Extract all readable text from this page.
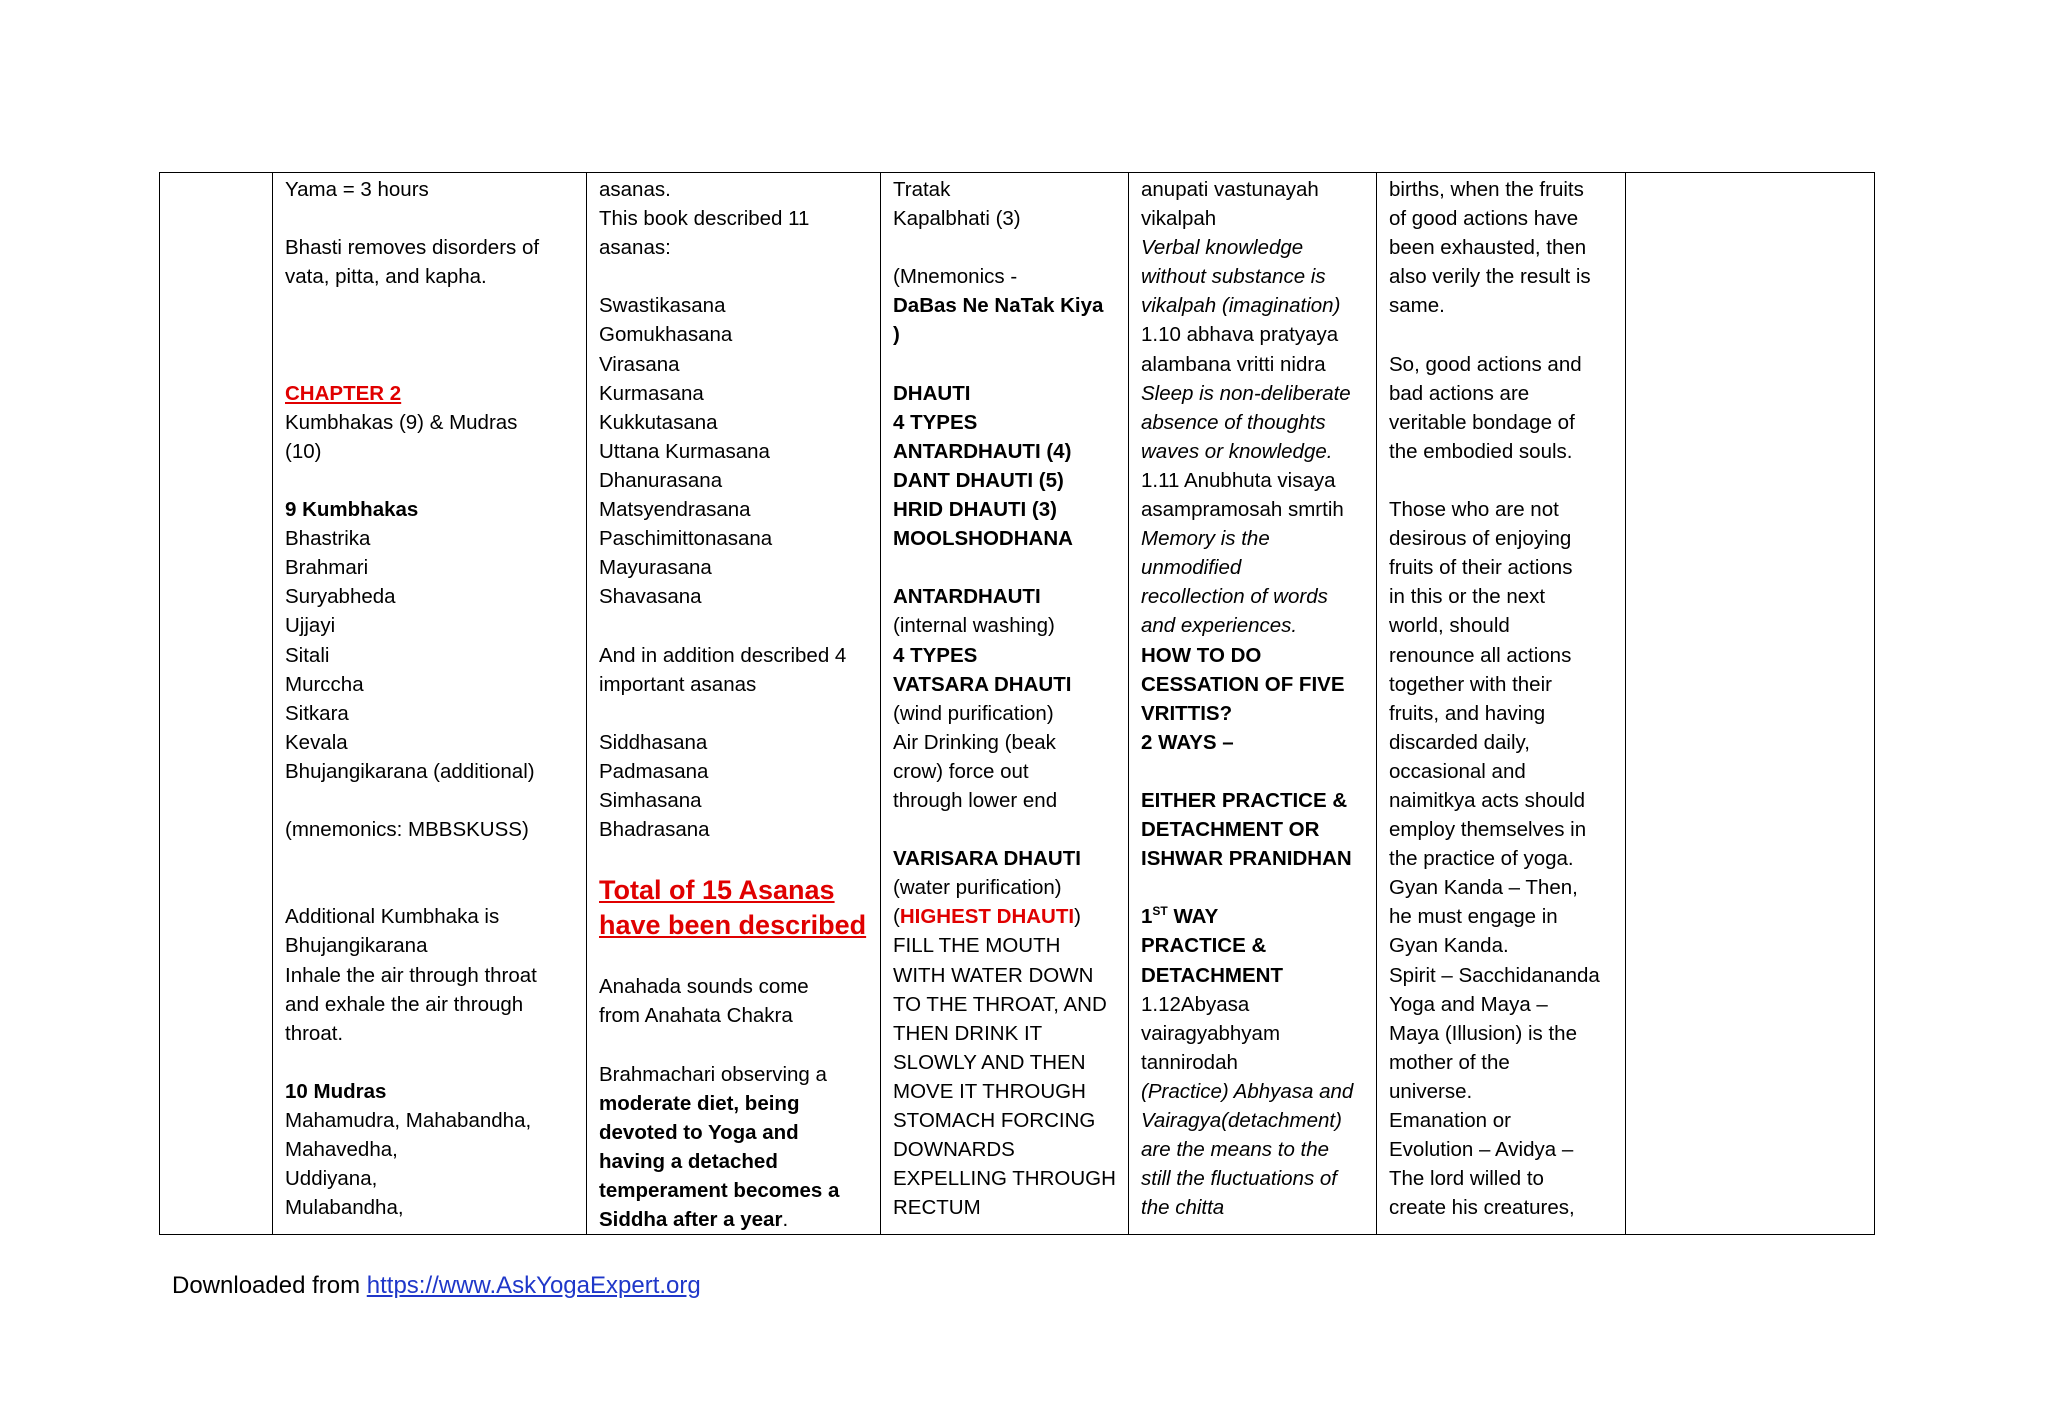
Yama = 3 hours
Bhasti removes disorders of
vata, pitta, and kapha.
CHAPTER 2
Kumbhakas (9) & Mudras
(10)
9 Kumbhakas
Bhastrika
Brahmari
Suryabheda
Ujjayi
Sitali
Murccha
Sitkara
Kevala
Bhujangikarana (additional)
(mnemonics: MBBSKUSS)
Additional Kumbhaka is
Bhujangikarana
Inhale the air through throat
and exhale the air through
throat.
10 Mudras
Mahamudra, Mahabandha,
Mahavedha,
Uddiyana,
Mulabandha,

asanas.
This book described 11
asanas:
Swastikasana
Gomukhasana
Virasana
Kurmasana
Kukkutasana
Uttana Kurmasana
Dhanurasana
Matsyendrasana
Paschimittonasana
Mayurasana
Shavasana
And in addition described 4
important asanas
Siddhasana
Padmasana
Simhasana
Bhadrasana
Total of 15 Asanas
have been described
Anahada sounds come
from Anahata Chakra
Brahmachari observing a
moderate diet, being
devoted to Yoga and
having a detached
temperament becomes a
Siddha after a year.

Tratak
Kapalbhati (3)
(Mnemonics -
DaBas Ne NaTak Kiya
)
DHAUTI
4 TYPES
ANTARDHAUTI (4)
DANT DHAUTI (5)
HRID DHAUTI (3)
MOOLSHODHANA
ANTARDHAUTI
(internal washing)
4 TYPES
VATSARA DHAUTI
(wind purification)
Air Drinking (beak
crow) force out
through lower end
VARISARA DHAUTI
(water purification)
(HIGHEST DHAUTI)
FILL THE MOUTH
WITH WATER DOWN
TO THE THROAT, AND
THEN DRINK IT
SLOWLY AND THEN
MOVE IT THROUGH
STOMACH FORCING
DOWNARDS
EXPELLING THROUGH
RECTUM

anupati vastunayah
vikalpah
Verbal knowledge
without substance is
vikalpah (imagination)
1.10 abhava pratyaya
alambana vritti nidra
Sleep is non-deliberate
absence of thoughts
waves or knowledge.
1.11 Anubhuta visaya
asampramosah smrtih
Memory is the
unmodified
recollection of words
and experiences.
HOW TO DO
CESSATION OF FIVE
VRITTIS?
2 WAYS –
EITHER PRACTICE &
DETACHMENT OR
ISHWAR PRANIDHAN
1ST WAY
PRACTICE &
DETACHMENT
1.12Abyasa
vairagyabhyam
tannirodah
(Practice) Abhyasa and
Vairagya(detachment)
are the means to the
still the fluctuations of
the chitta

births, when the fruits
of good actions have
been exhausted, then
also verily the result is
same.
So, good actions and
bad actions are
veritable bondage of
the embodied souls.
Those who are not
desirous of enjoying
fruits of their actions
in this or the next
world, should
renounce all actions
together with their
fruits, and having
discarded daily,
occasional and
naimitkya acts should
employ themselves in
the practice of yoga.
Gyan Kanda – Then,
he must engage in
Gyan Kanda.
Spirit – Sacchidananda
Yoga and Maya –
Maya (Illusion) is the
mother of the
universe.
Emanation or
Evolution – Avidya –
The lord willed to
create his creatures,

Downloaded from https://www.AskYogaExpert.org
